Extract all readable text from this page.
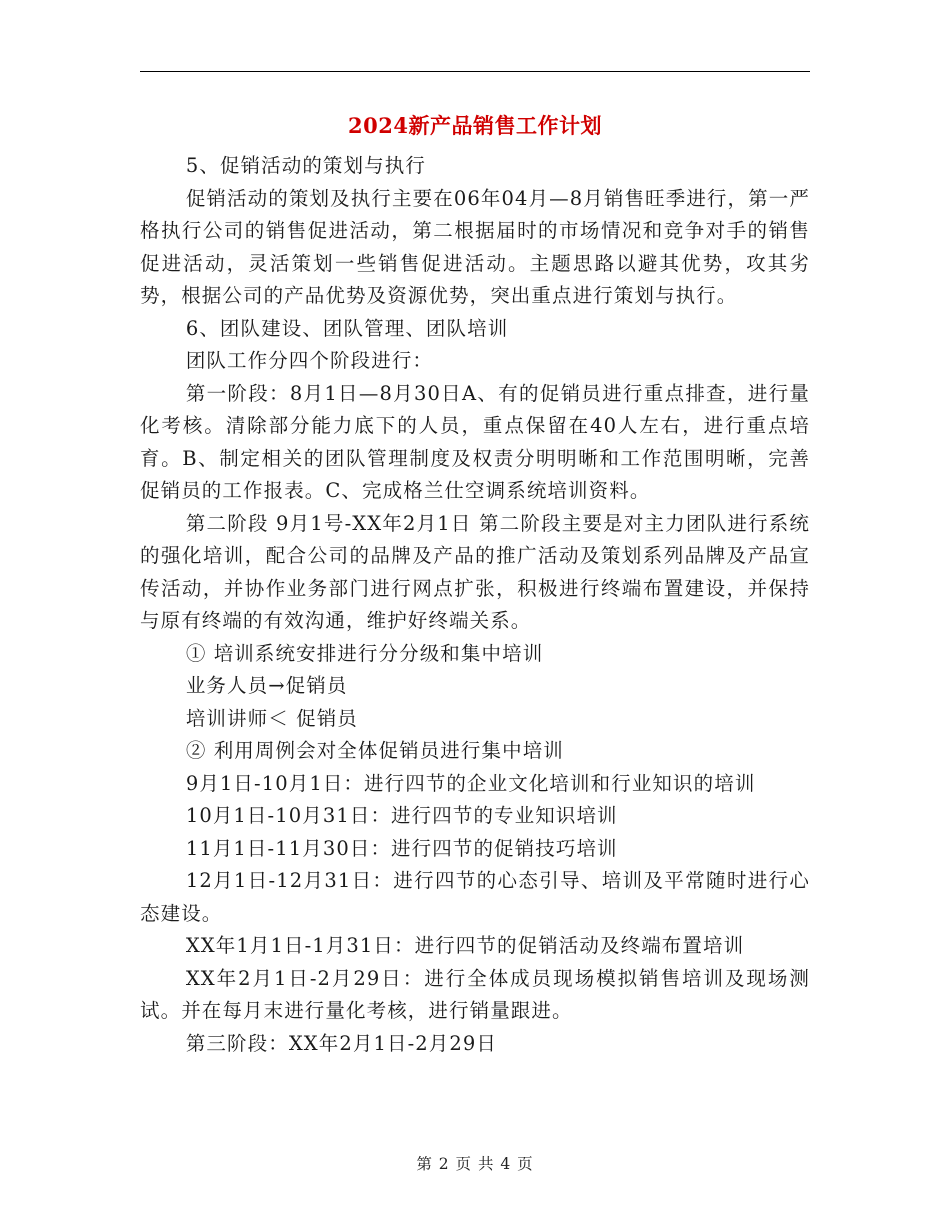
2024新产品销售工作计划

5、促销活动的策划与执行

促销活动的策划及执行主要在06年04月—8月销售旺季进行，第一严格执行公司的销售促进活动，第二根据届时的市场情况和竞争对手的销售促进活动，灵活策划一些销售促进活动。主题思路以避其优势，攻其劣势，根据公司的产品优势及资源优势，突出重点进行策划与执行。

6、团队建设、团队管理、团队培训

团队工作分四个阶段进行：

第一阶段：8月1日—8月30日A、有的促销员进行重点排查，进行量化考核。清除部分能力底下的人员，重点保留在40人左右，进行重点培育。B、制定相关的团队管理制度及权责分明明晰和工作范围明晰，完善促销员的工作报表。C、完成格兰仕空调系统培训资料。

第二阶段 9月1号-XX年2月1日 第二阶段主要是对主力团队进行系统的强化培训，配合公司的品牌及产品的推广活动及策划系列品牌及产品宣传活动，并协作业务部门进行网点扩张，积极进行终端布置建设，并保持与原有终端的有效沟通，维护好终端关系。

① 培训系统安排进行分分级和集中培训

业务人员→促销员

培训讲师＜ 促销员

② 利用周例会对全体促销员进行集中培训

9月1日-10月1日：进行四节的企业文化培训和行业知识的培训

10月1日-10月31日：进行四节的专业知识培训

11月1日-11月30日：进行四节的促销技巧培训

12月1日-12月31日：进行四节的心态引导、培训及平常随时进行心态建设。

XX年1月1日-1月31日：进行四节的促销活动及终端布置培训

XX年2月1日-2月29日：进行全体成员现场模拟销售培训及现场测试。并在每月末进行量化考核，进行销量跟进。

第三阶段：XX年2月1日-2月29日

第 2 页 共 4 页
